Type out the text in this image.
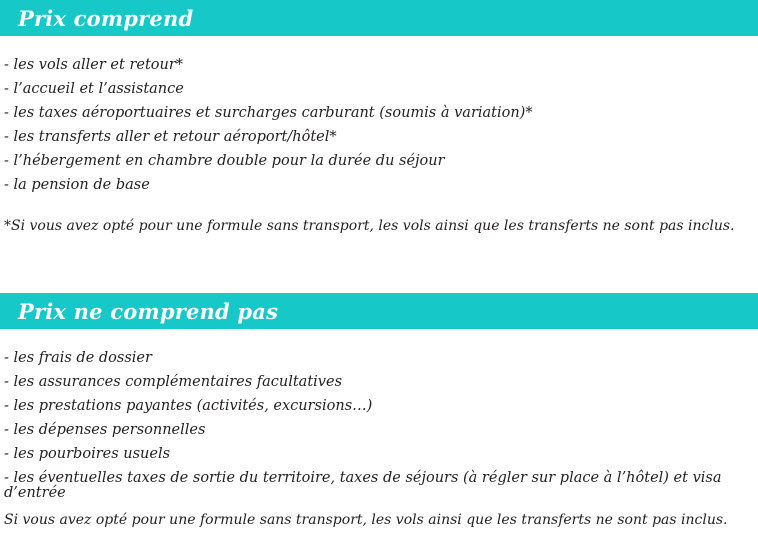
Prix comprend

- les vols aller et retour*

- l’accueil et l’assistance

- les taxes aéroportuaires et surcharges carburant (soumis à variation)*

- les transferts aller et retour aéroport/hôtel*

- l’hébergement en chambre double pour la durée du séjour

- la pension de base

*Si vous avez opté pour une formule sans transport, les vols ainsi que les transferts ne sont pas inclus.

Prix ne comprend pas

- les frais de dossier

- les assurances complémentaires facultatives

- les prestations payantes (activités, excursions…)

- les dépenses personnelles

- les pourboires usuels

- les éventuelles taxes de sortie du territoire, taxes de séjours (à régler sur place à l’hôtel) et visa d’entrée

Si vous avez opté pour une formule sans transport, les vols ainsi que les transferts ne sont pas inclus.
